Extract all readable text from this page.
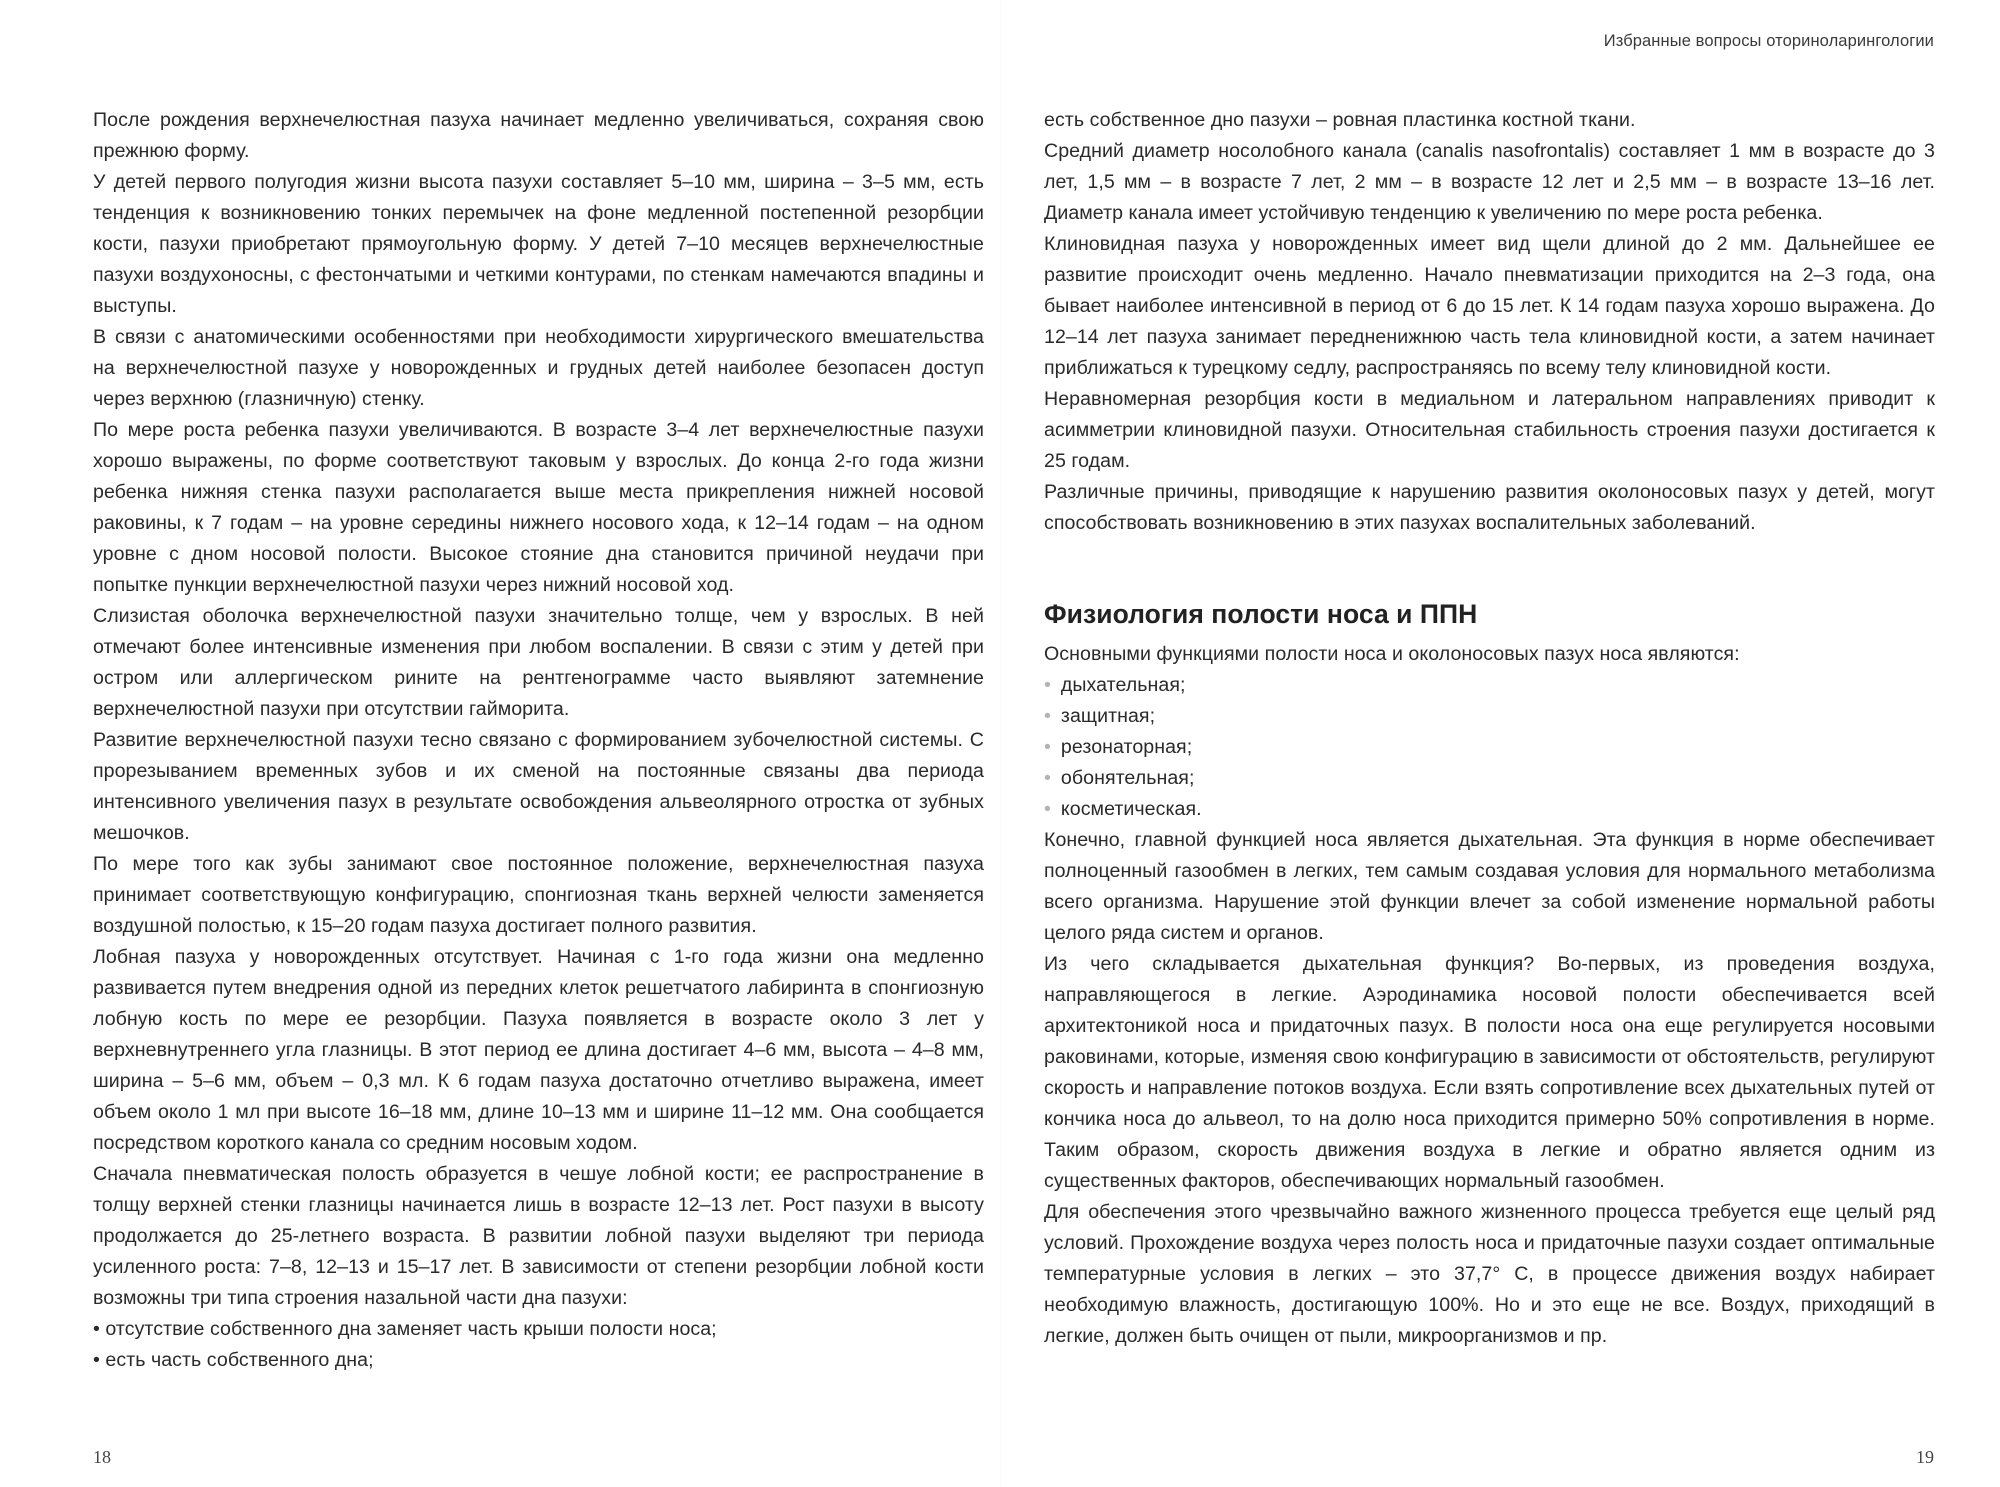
Избранные вопросы оториноларингологии

После рождения верхнечелюстная пазуха начинает медленно увеличиваться, сохраняя свою прежнюю форму.

У детей первого полугодия жизни высота пазухи составляет 5–10 мм, ширина – 3–5 мм, есть тенденция к возникновению тонких перемычек на фоне медленной постепенной резорбции кости, пазухи приобретают прямоугольную форму. У детей 7–10 месяцев верхнечелюстные пазухи воздухоносны, с фестончатыми и четкими контурами, по стенкам намечаются впадины и выступы.

В связи с анатомическими особенностями при необходимости хирургического вмешательства на верхнечелюстной пазухе у новорожденных и грудных детей наиболее безопасен доступ через верхнюю (глазничную) стенку.

По мере роста ребенка пазухи увеличиваются. В возрасте 3–4 лет верхнечелюстные пазухи хорошо выражены, по форме соответствуют таковым у взрослых. До конца 2-го года жизни ребенка нижняя стенка пазухи располагается выше места прикрепления нижней носовой раковины, к 7 годам – на уровне середины нижнего носового хода, к 12–14 годам – на одном уровне с дном носовой полости. Высокое стояние дна становится причиной неудачи при попытке пункции верхнечелюстной пазухи через нижний носовой ход.

Слизистая оболочка верхнечелюстной пазухи значительно толще, чем у взрослых. В ней отмечают более интенсивные изменения при любом воспалении. В связи с этим у детей при остром или аллергическом рините на рентгенограмме часто выявляют затемнение верхнечелюстной пазухи при отсутствии гайморита.

Развитие верхнечелюстной пазухи тесно связано с формированием зубочелюстной системы. С прорезыванием временных зубов и их сменой на постоянные связаны два периода интенсивного увеличения пазух в результате освобождения альвеолярного отростка от зубных мешочков.

По мере того как зубы занимают свое постоянное положение, верхнечелюстная пазуха принимает соответствующую конфигурацию, спонгиозная ткань верхней челюсти заменяется воздушной полостью, к 15–20 годам пазуха достигает полного развития.

Лобная пазуха у новорожденных отсутствует. Начиная с 1-го года жизни она медленно развивается путем внедрения одной из передних клеток решетчатого лабиринта в спонгиозную лобную кость по мере ее резорбции. Пазуха появляется в возрасте около 3 лет у верхневнутреннего угла глазницы. В этот период ее длина достигает 4–6 мм, высота – 4–8 мм, ширина – 5–6 мм, объем – 0,3 мл. К 6 годам пазуха достаточно отчетливо выражена, имеет объем около 1 мл при высоте 16–18 мм, длине 10–13 мм и ширине 11–12 мм. Она сообщается посредством короткого канала со средним носовым ходом.

Сначала пневматическая полость образуется в чешуе лобной кости; ее распространение в толщу верхней стенки глазницы начинается лишь в возрасте 12–13 лет. Рост пазухи в высоту продолжается до 25-летнего возраста. В развитии лобной пазухи выделяют три периода усиленного роста: 7–8, 12–13 и 15–17 лет. В зависимости от степени резорбции лобной кости возможны три типа строения назальной части дна пазухи:

• отсутствие собственного дна заменяет часть крыши полости носа;

• есть часть собственного дна;

18

есть собственное дно пазухи – ровная пластинка костной ткани.

Средний диаметр носолобного канала (canalis nasofrontalis) составляет 1 мм в возрасте до 3 лет, 1,5 мм – в возрасте 7 лет, 2 мм – в возрасте 12 лет и 2,5 мм – в возрасте 13–16 лет. Диаметр канала имеет устойчивую тенденцию к увеличению по мере роста ребенка.

Клиновидная пазуха у новорожденных имеет вид щели длиной до 2 мм. Дальнейшее ее развитие происходит очень медленно. Начало пневматизации приходится на 2–3 года, она бывает наиболее интенсивной в период от 6 до 15 лет. К 14 годам пазуха хорошо выражена. До 12–14 лет пазуха занимает передненижнюю часть тела клиновидной кости, а затем начинает приближаться к турецкому седлу, распространяясь по всему телу клиновидной кости.

Неравномерная резорбция кости в медиальном и латеральном направлениях приводит к асимметрии клиновидной пазухи. Относительная стабильность строения пазухи достигается к 25 годам.

Различные причины, приводящие к нарушению развития околоносовых пазух у детей, могут способствовать возникновению в этих пазухах воспалительных заболеваний.

Физиология полости носа и ППН

Основными функциями полости носа и околоносовых пазух носа являются:

• дыхательная;
• защитная;
• резонаторная;
• обонятельная;
• косметическая.

Конечно, главной функцией носа является дыхательная. Эта функция в норме обеспечивает полноценный газообмен в легких, тем самым создавая условия для нормального метаболизма всего организма. Нарушение этой функции влечет за собой изменение нормальной работы целого ряда систем и органов.

Из чего складывается дыхательная функция? Во-первых, из проведения воздуха, направляющегося в легкие. Аэродинамика носовой полости обеспечивается всей архитектоникой носа и придаточных пазух. В полости носа она еще регулируется носовыми раковинами, которые, изменяя свою конфигурацию в зависимости от обстоятельств, регулируют скорость и направление потоков воздуха. Если взять сопротивление всех дыхательных путей от кончика носа до альвеол, то на долю носа приходится примерно 50% сопротивления в норме. Таким образом, скорость движения воздуха в легкие и обратно является одним из существенных факторов, обеспечивающих нормальный газообмен.

Для обеспечения этого чрезвычайно важного жизненного процесса требуется еще целый ряд условий. Прохождение воздуха через полость носа и придаточные пазухи создает оптимальные температурные условия в легких – это 37,7° С, в процессе движения воздух набирает необходимую влажность, достигающую 100%. Но и это еще не все. Воздух, приходящий в легкие, должен быть очищен от пыли, микроорганизмов и пр.

19
